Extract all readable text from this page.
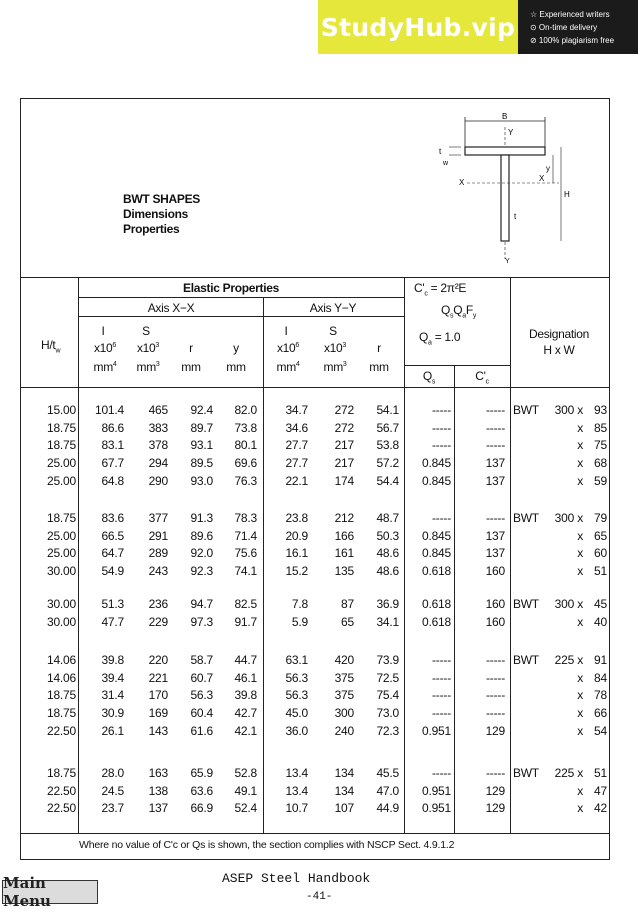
StudyHub.vip ☆ Experienced writers
⊙ On-time delivery
⊘ 100% plagiarism free
BWT SHAPES
Dimensions
Properties
B
Y
t
w
X	X
H
y
t
Y
Elastic Properties
Axis X−X	Axis Y−Y
$H/t_w$
I
$x10^6$
$mm^4$
S
$x10^3$
$mm^3$
r
mm
y
mm
I
$x10^6$
$mm^4$
S
$x10^3$
$mm^3$
r
mm
$C'_c = 2\pi^2E$
$Q_sQ_aF_y$
$Q_a = 1.0$
$Q_s$	$C'_c$
Designation
H x W
15.00 101.4 465 92.4 82.0 34.7 272 54.1	-----	----- BWT 300 x 93
18.75 86.6 383 89.7 73.8 34.6 272 56.7	-----	-----	x 85
18.75 83.1 378 93.1 80.1 27.7 217 53.8	-----	-----	x 75
25.00 67.7 294 89.5 69.6 27.7 217 57.2 0.845	137	x 68
25.00 64.8 290 93.0 76.3 22.1 174 54.4 0.845	137	x 59
18.75 83.6 377 91.3 78.3 23.8 212 48.7	-----	----- BWT 300 x 79
25.00 66.5 291 89.6 71.4 20.9 166 50.3 0.845	137	x 65
25.00 64.7 289 92.0 75.6 16.1 161 48.6 0.845	137	x 60
30.00 54.9 243 92.3 74.1 15.2 135 48.6 0.618	160	x 51
30.00 51.3 236 94.7 82.5	7.8	87 36.9 0.618	160 BWT 300 x 45
30.00 47.7 229 97.3 91.7	5.9	65 34.1 0.618	160	x 40
14.06 39.8 220 58.7 44.7 63.1 420 73.9	-----	----- BWT 225 x 91
14.06 39.4 221 60.7 46.1 56.3 375 72.5	-----	-----	x 84
18.75 31.4 170 56.3 39.8 56.3 375 75.4	-----	-----	x 78
18.75 30.9 169 60.4 42.7 45.0 300 73.0	-----	-----	x 66
22.50 26.1 143 61.6 42.1 36.0 240 72.3 0.951	129	x 54
18.75 28.0 163 65.9 52.8 13.4 134 45.5	-----	----- BWT 225 x 51
22.50 24.5 138 63.6 49.1 13.4 134 47.0 0.951	129	x 47
22.50 23.7 137 66.9 52.4 10.7 107 44.9 0.951	129	x 42
Where no value of C'c or Qs is shown, the section complies with NSCP Sect. 4.9.1.2
Main Menu
ASEP Steel Handbook
-41-
